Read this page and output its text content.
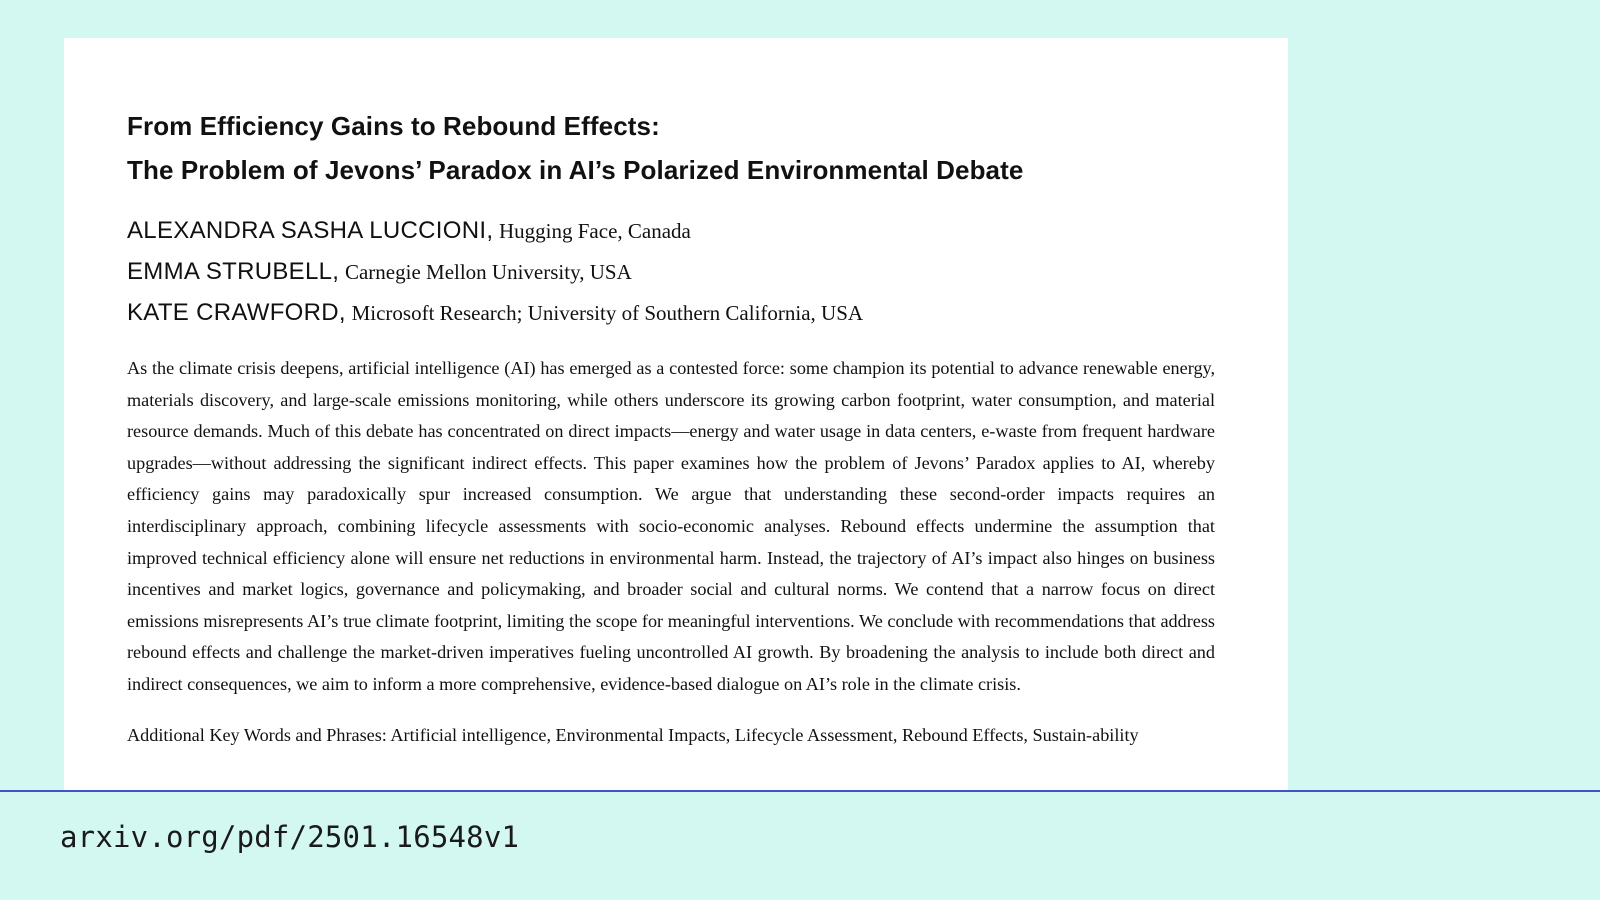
From Efficiency Gains to Rebound Effects:
The Problem of Jevons’ Paradox in AI’s Polarized Environmental Debate
ALEXANDRA SASHA LUCCIONI, Hugging Face, Canada
EMMA STRUBELL, Carnegie Mellon University, USA
KATE CRAWFORD, Microsoft Research; University of Southern California, USA
As the climate crisis deepens, artificial intelligence (AI) has emerged as a contested force: some champion its potential to advance renewable energy, materials discovery, and large-scale emissions monitoring, while others underscore its growing carbon footprint, water consumption, and material resource demands. Much of this debate has concentrated on direct impacts—energy and water usage in data centers, e-waste from frequent hardware upgrades—without addressing the significant indirect effects. This paper examines how the problem of Jevons’ Paradox applies to AI, whereby efficiency gains may paradoxically spur increased consumption. We argue that understanding these second-order impacts requires an interdisciplinary approach, combining lifecycle assessments with socio-economic analyses. Rebound effects undermine the assumption that improved technical efficiency alone will ensure net reductions in environmental harm. Instead, the trajectory of AI’s impact also hinges on business incentives and market logics, governance and policymaking, and broader social and cultural norms. We contend that a narrow focus on direct emissions misrepresents AI’s true climate footprint, limiting the scope for meaningful interventions. We conclude with recommendations that address rebound effects and challenge the market-driven imperatives fueling uncontrolled AI growth. By broadening the analysis to include both direct and indirect consequences, we aim to inform a more comprehensive, evidence-based dialogue on AI’s role in the climate crisis.
Additional Key Words and Phrases: Artificial intelligence, Environmental Impacts, Lifecycle Assessment, Rebound Effects, Sustain-ability
arxiv.org/pdf/2501.16548v1
